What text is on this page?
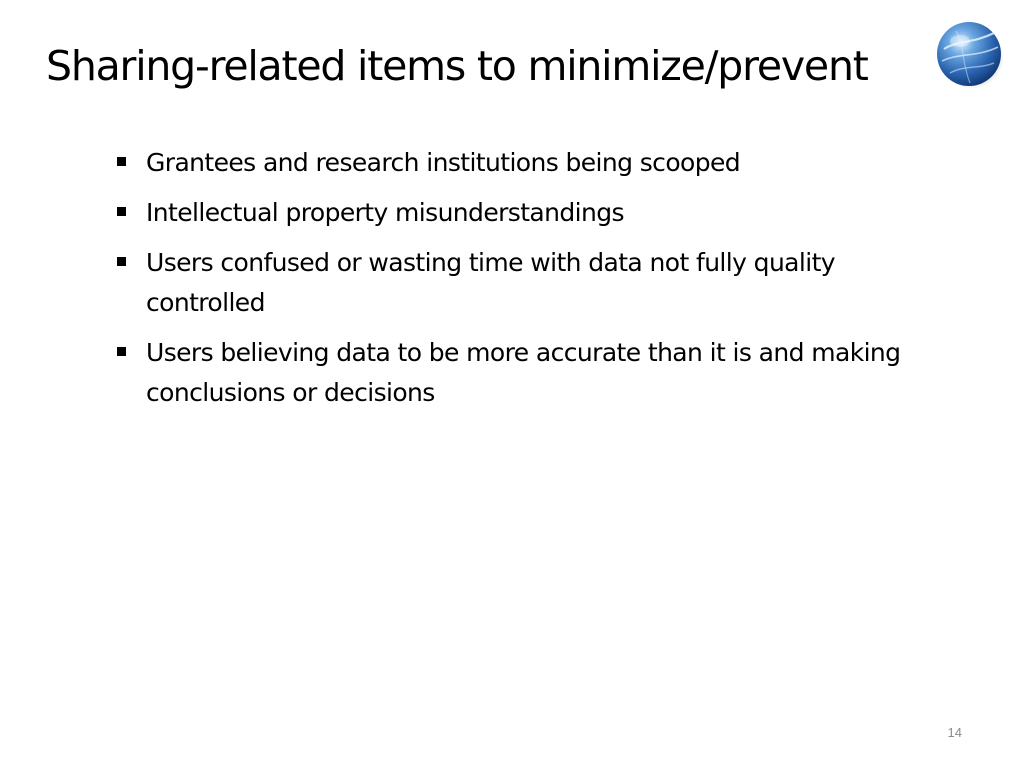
Sharing-related items to minimize/prevent
Grantees and research institutions being scooped
Intellectual property misunderstandings
Users confused or wasting time with data not fully quality controlled
Users believing data to be more accurate than it is and making conclusions or decisions
14
